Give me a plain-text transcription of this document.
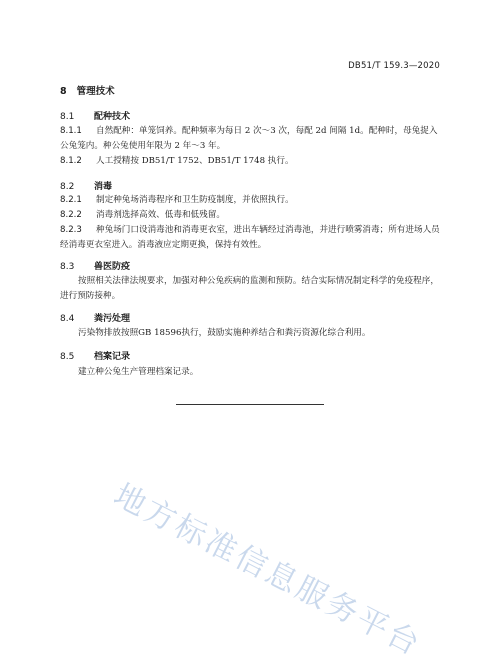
DB51/T 159.3—2020
8 管理技术
8.1 配种技术
8.1.1 自然配种：单笼饲养。配种频率为每日 2 次～3 次，每配 2d 间隔 1d。配种时，母兔捉入公兔笼内。种公兔使用年限为 2 年～3 年。
8.1.2 人工授精按 DB51/T 1752、DB51/T 1748 执行。
8.2 消毒
8.2.1 制定种兔场消毒程序和卫生防疫制度，并依照执行。
8.2.2 消毒剂选择高效、低毒和低残留。
8.2.3 种兔场门口设消毒池和消毒更衣室，进出车辆经过消毒池，并进行喷雾消毒；所有进场人员经消毒更衣室进入。消毒液应定期更换，保持有效性。
8.3 兽医防疫
按照相关法律法规要求，加强对种公兔疾病的监测和预防。结合实际情况制定科学的免疫程序，进行预防接种。
8.4 粪污处理
污染物排放按照GB 18596执行，鼓励实施种养结合和粪污资源化综合利用。
8.5 档案记录
建立种公兔生产管理档案记录。
地方标准信息服务平台
